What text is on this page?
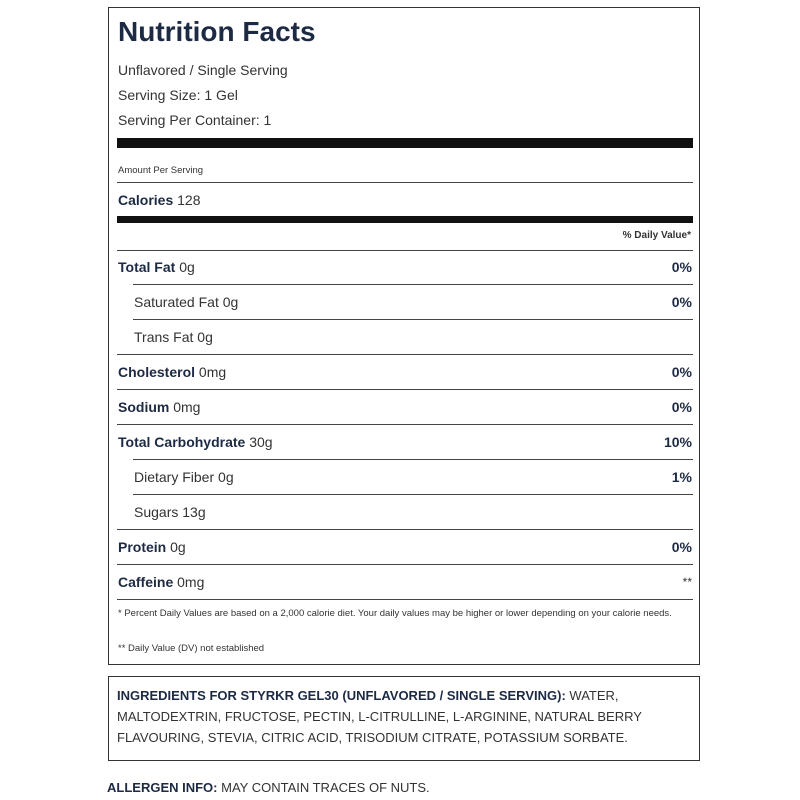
Nutrition Facts
Unflavored / Single Serving
Serving Size: 1 Gel
Serving Per Container: 1
Amount Per Serving
Calories 128
% Daily Value*
Total Fat 0g	0%
Saturated Fat 0g	0%
Trans Fat 0g
Cholesterol 0mg	0%
Sodium 0mg	0%
Total Carbohydrate 30g	10%
Dietary Fiber 0g	1%
Sugars 13g
Protein 0g	0%
Caffeine 0mg	**
* Percent Daily Values are based on a 2,000 calorie diet. Your daily values may be higher or lower depending on your calorie needs.
** Daily Value (DV) not established
INGREDIENTS FOR STYRKR GEL30 (UNFLAVORED / SINGLE SERVING): WATER, MALTODEXTRIN, FRUCTOSE, PECTIN, L-CITRULLINE, L-ARGININE, NATURAL BERRY FLAVOURING, STEVIA, CITRIC ACID, TRISODIUM CITRATE, POTASSIUM SORBATE.
ALLERGEN INFO: MAY CONTAIN TRACES OF NUTS.
